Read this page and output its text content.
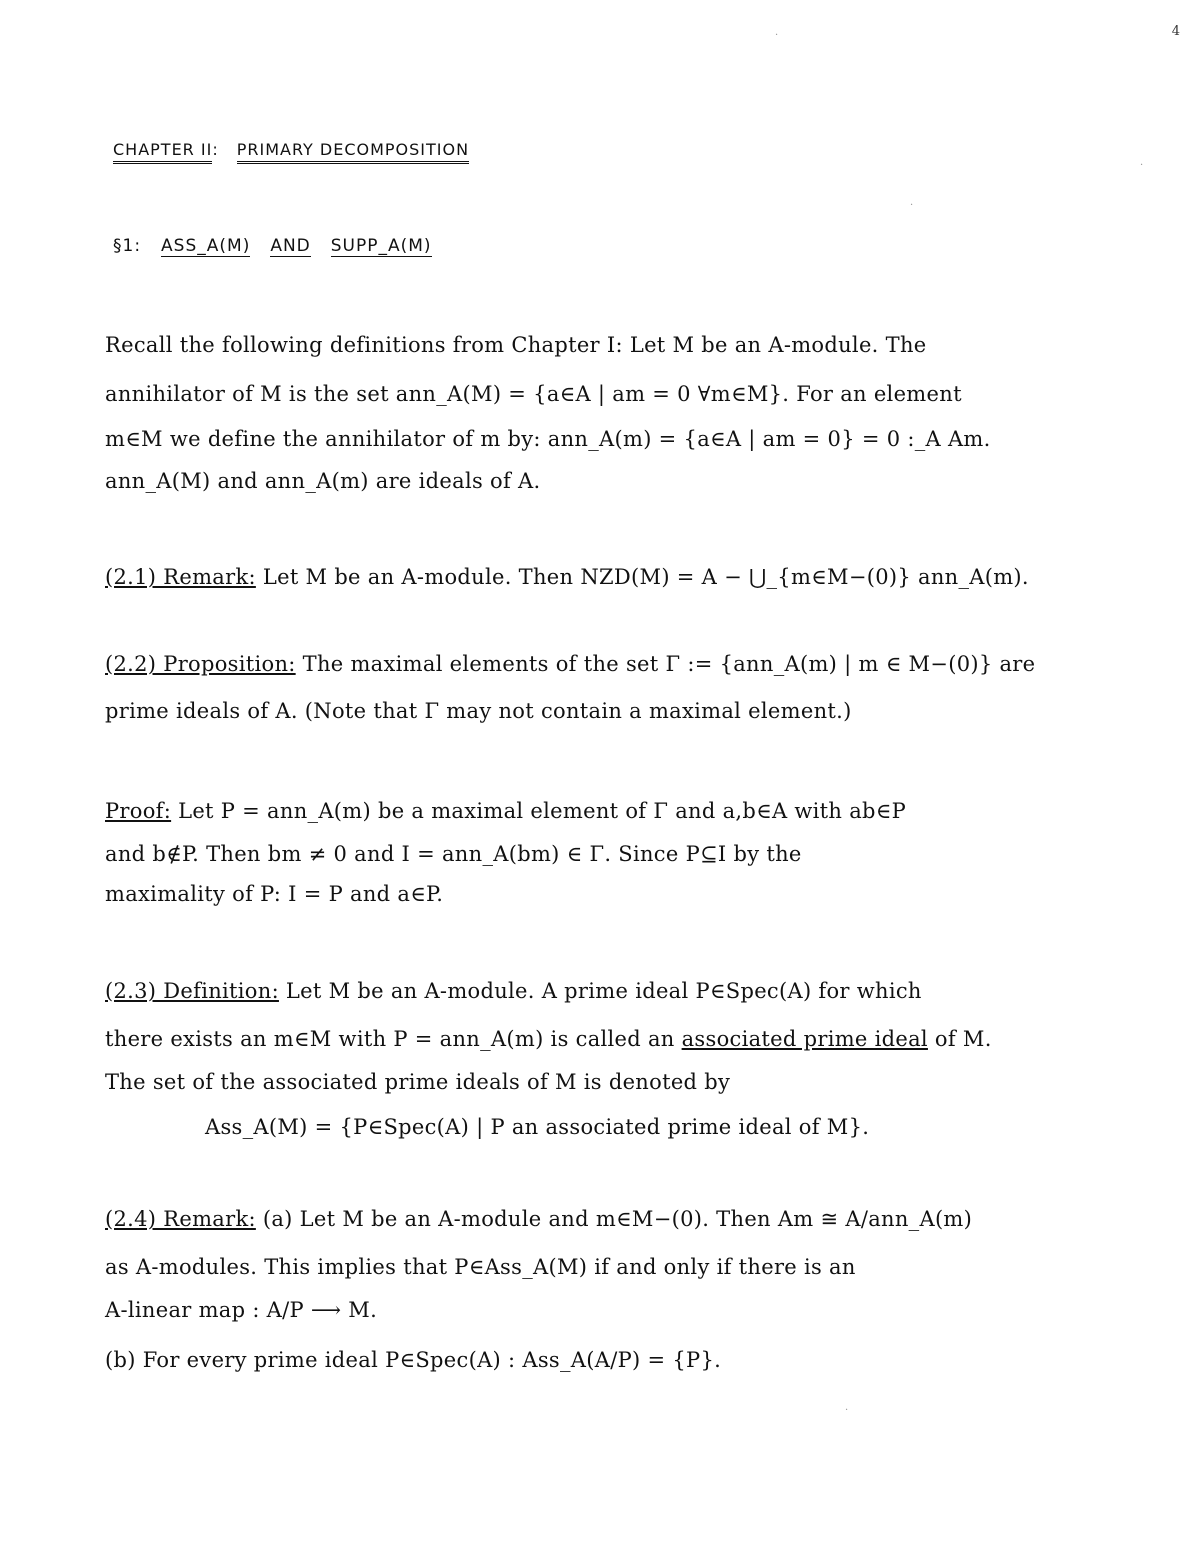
4
CHAPTER II: PRIMARY DECOMPOSITION
§1: ASS_A(M) AND SUPP_A(M)
Recall the following definitions from Chapter I: Let M be an A-module. The
annihilator of M is the set ann_A(M) = {a∈A | am = 0 ∀m∈M}. For an element
m∈M we define the annihilator of m by: ann_A(m) = {a∈A | am = 0} = 0 :_A Am.
ann_A(M) and ann_A(m) are ideals of A.
(2.1) Remark: Let M be an A-module. Then NZD(M) = A − ⋃_{m∈M−(0)} ann_A(m).
(2.2) Proposition: The maximal elements of the set Γ := {ann_A(m) | m ∈ M−(0)} are
prime ideals of A. (Note that Γ may not contain a maximal element.)
Proof: Let P = ann_A(m) be a maximal element of Γ and a,b∈A with ab∈P
and b∉P. Then bm ≠ 0 and I = ann_A(bm) ∈ Γ. Since P⊆I by the
maximality of P: I = P and a∈P.
(2.3) Definition: Let M be an A-module. A prime ideal P∈Spec(A) for which
there exists an m∈M with P = ann_A(m) is called an associated prime ideal of M.
The set of the associated prime ideals of M is denoted by
Ass_A(M) = {P∈Spec(A) | P an associated prime ideal of M}.
(2.4) Remark: (a) Let M be an A-module and m∈M−(0). Then Am ≅ A/ann_A(m)
as A-modules. This implies that P∈Ass_A(M) if and only if there is an
A-linear map : A/P ⟶ M.
(b) For every prime ideal P∈Spec(A) : Ass_A(A/P) = {P}.
·
·
·
·
